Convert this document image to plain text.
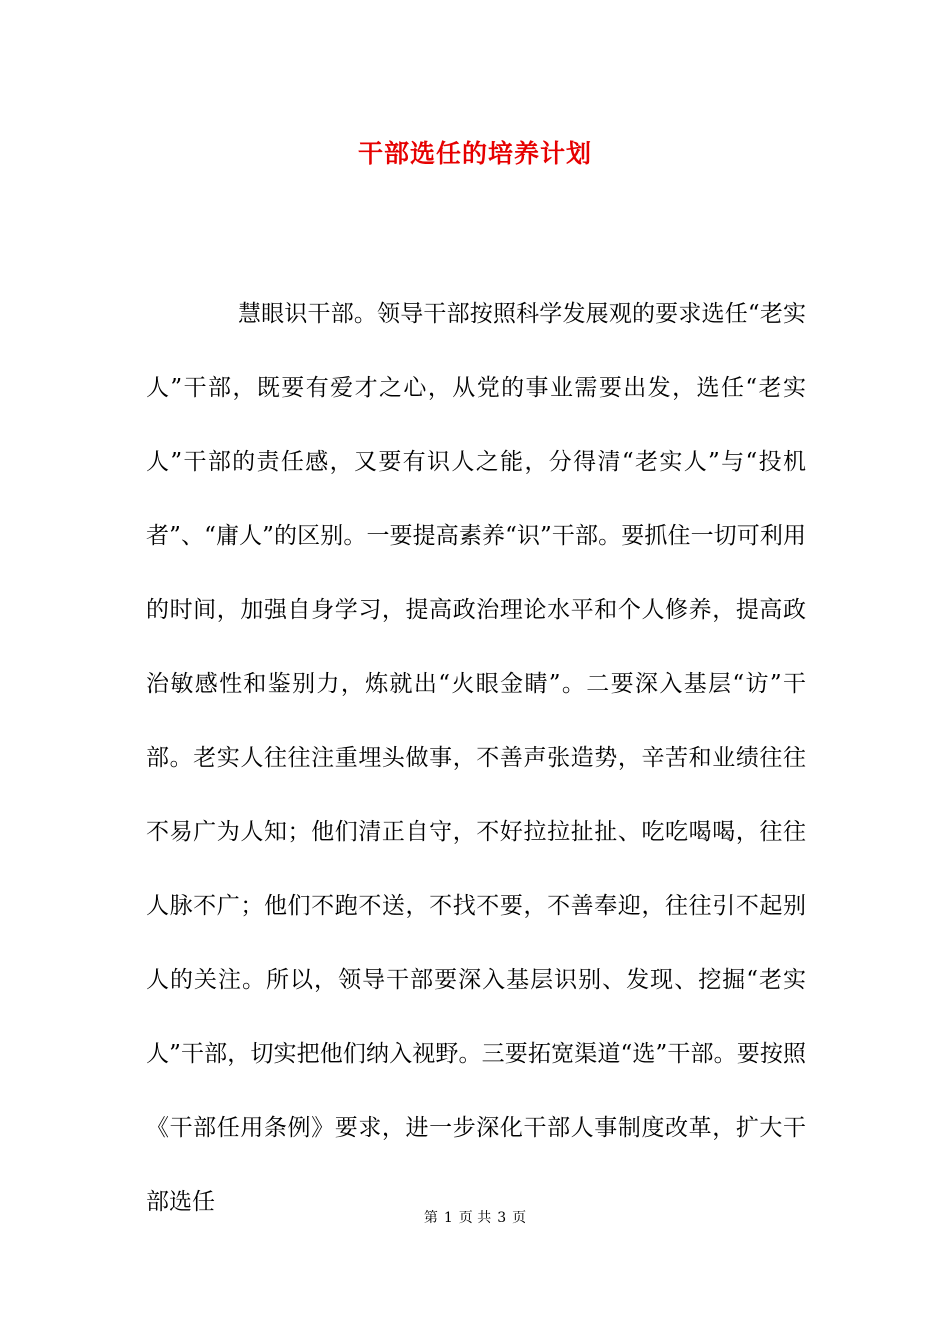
干部选任的培养计划

慧眼识干部。领导干部按照科学发展观的要求选任“老实人”干部，既要有爱才之心，从党的事业需要出发，选任“老实人”干部的责任感，又要有识人之能，分得清“老实人”与“投机者”、“庸人”的区别。一要提高素养“识”干部。要抓住一切可利用的时间，加强自身学习，提高政治理论水平和个人修养，提高政治敏感性和鉴别力，炼就出“火眼金睛”。二要深入基层“访”干部。老实人往往注重埋头做事，不善声张造势，辛苦和业绩往往不易广为人知；他们清正自守，不好拉拉扯扯、吃吃喝喝，往往人脉不广；他们不跑不送，不找不要，不善奉迎，往往引不起别人的关注。所以，领导干部要深入基层识别、发现、挖掘“老实人”干部，切实把他们纳入视野。三要拓宽渠道“选”干部。要按照《干部任用条例》要求，进一步深化干部人事制度改革，扩大干部选任

第 1 页 共 3 页
